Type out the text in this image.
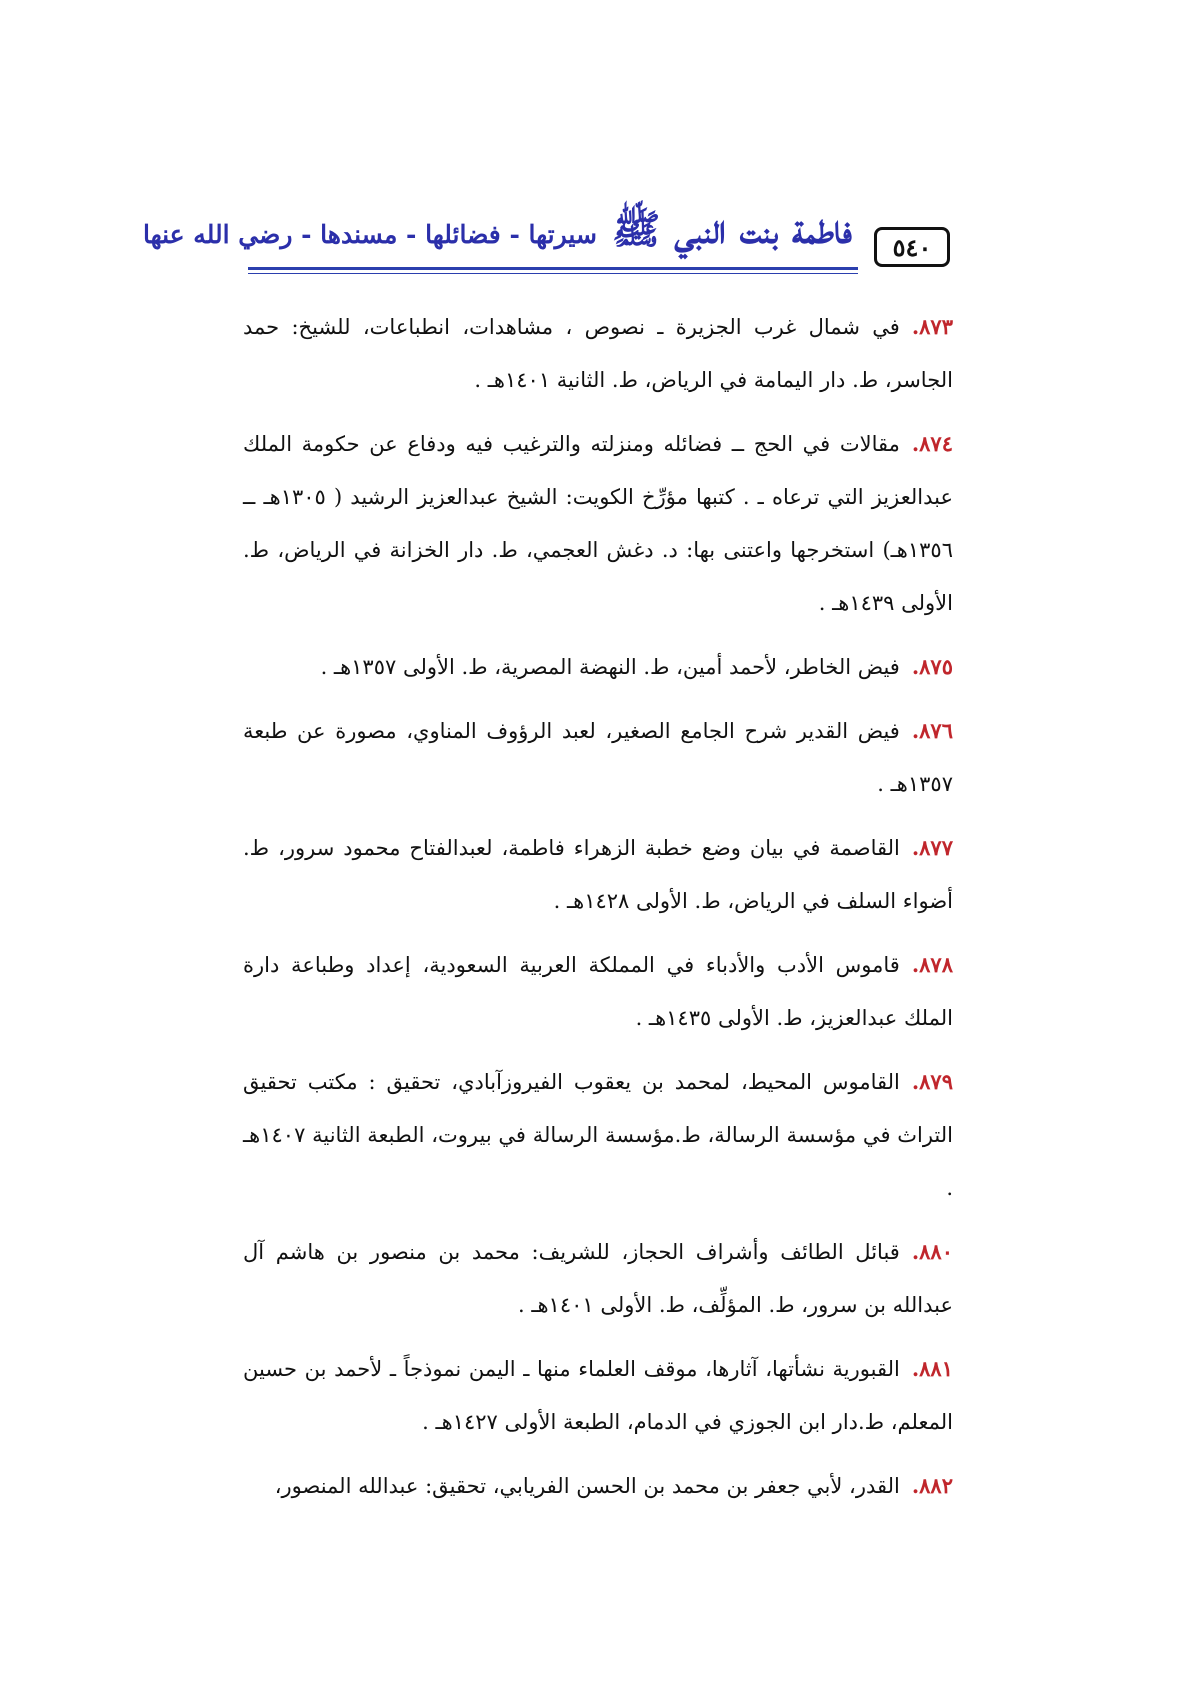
فاطمة بنت النبي ﷺ سيرتها - فضائلها - مسندها - رضي الله عنها	٥٤٠

٨٧٣.في شمال غرب الجزيرة ـ نصوص ، مشاهدات، انطباعات، للشيخ: حمد الجاسر، ط. دار اليمامة في الرياض، ط. الثانية ١٤٠١هـ .

٨٧٤.مقالات في الحج ــ فضائله ومنزلته والترغيب فيه ودفاع عن حكومة الملك عبدالعزيز التي ترعاه ـ . كتبها مؤرِّخ الكويت: الشيخ عبدالعزيز الرشيد ( ١٣٠٥هـ ــ ١٣٥٦هـ) استخرجها واعتنى بها: د. دغش العجمي، ط. دار الخزانة في الرياض، ط. الأولى ١٤٣٩هـ .

٨٧٥.فيض الخاطر، لأحمد أمين، ط. النهضة المصرية، ط. الأولى ١٣٥٧هـ .

٨٧٦.فيض القدير شرح الجامع الصغير، لعبد الرؤوف المناوي، مصورة عن طبعة ١٣٥٧هـ .

٨٧٧.القاصمة في بيان وضع خطبة الزهراء فاطمة، لعبدالفتاح محمود سرور، ط. أضواء السلف في الرياض، ط. الأولى ١٤٢٨هـ .

٨٧٨.قاموس الأدب والأدباء في المملكة العربية السعودية، إعداد وطباعة دارة الملك عبدالعزيز، ط. الأولى ١٤٣٥هـ .

٨٧٩.القاموس المحيط، لمحمد بن يعقوب الفيروزآبادي، تحقيق : مكتب تحقيق التراث في مؤسسة الرسالة، ط.مؤسسة الرسالة في بيروت، الطبعة الثانية ١٤٠٧هـ .

٨٨٠.قبائل الطائف وأشراف الحجاز، للشريف: محمد بن منصور بن هاشم آل عبدالله بن سرور، ط. المؤلِّف، ط. الأولى ١٤٠١هـ .

٨٨١.القبورية نشأتها، آثارها، موقف العلماء منها ـ اليمن نموذجاً ـ لأحمد بن حسين المعلم، ط.دار ابن الجوزي في الدمام، الطبعة الأولى ١٤٢٧هـ .

٨٨٢.القدر، لأبي جعفر بن محمد بن الحسن الفريابي، تحقيق: عبدالله المنصور،
